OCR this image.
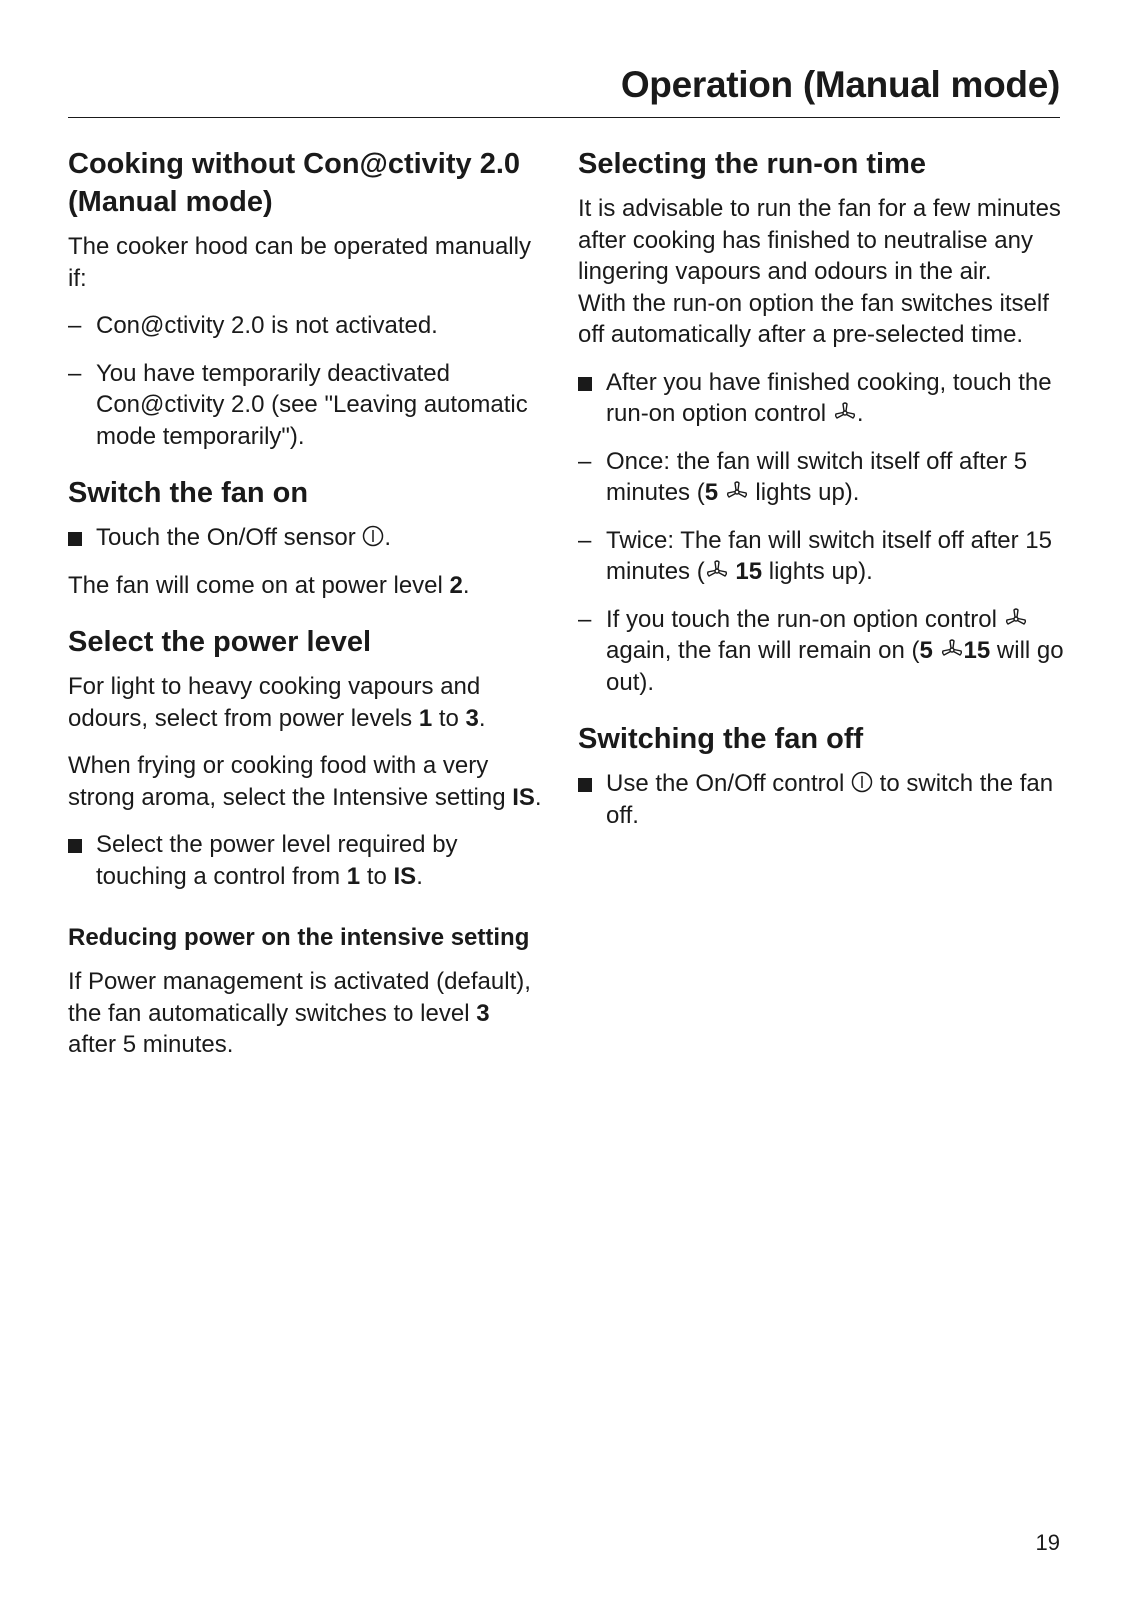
Operation (Manual mode)
Cooking without Con@ctivity 2.0 (Manual mode)

The cooker hood can be operated manually if:

– Con@ctivity 2.0 is not activated.
– You have temporarily deactivated Con@ctivity 2.0 (see "Leaving automatic mode temporarily").
Switch the fan on
Touch the On/Off sensor .

The fan will come on at power level 2.

Select the power level

For light to heavy cooking vapours and odours, select from power levels 1 to 3.

When frying or cooking food with a very strong aroma, select the Intensive setting IS.

Select the power level required by touching a control from 1 to IS.
Reducing power on the intensive setting

If Power management is activated (default), the fan automatically switches to level 3 after 5 minutes.

Selecting the run-on time

It is advisable to run the fan for a few minutes after cooking has finished to neutralise any lingering vapours and odours in the air.

With the run-on option the fan switches itself off automatically after a pre-selected time.

After you have finished cooking, touch the run-on option control .
– Once: the fan will switch itself off after 5 minutes (5  lights up).
– Twice: The fan will switch itself off after 15 minutes ( 15 lights up).
– If you touch the run-on option control  again, the fan will remain on (5 15 will go out).
Switching the fan off
Use the On/Off control  to switch the fan off.
19
